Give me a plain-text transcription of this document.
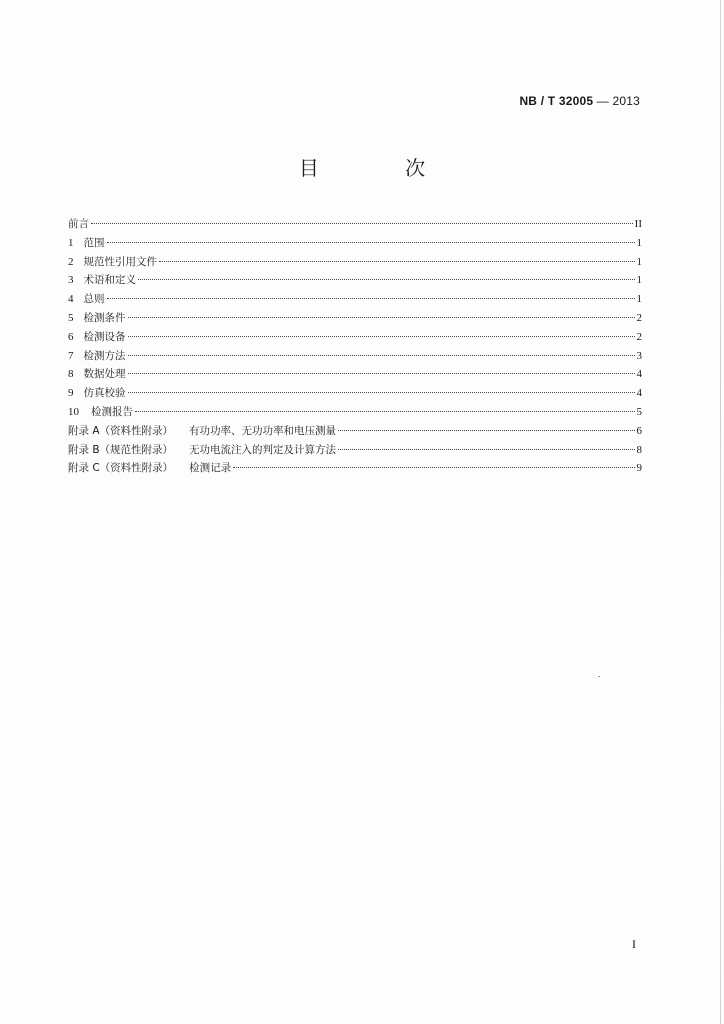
NB / T 32005 — 2013
目 次
前言	II
1 范围	1
2 规范性引用文件	1
3 术语和定义	1
4 总则	1
5 检测条件	2
6 检测设备	2
7 检测方法	3
8 数据处理	4
9 仿真校验	4
10 检测报告	5
附录 A（资料性附录） 有功功率、无功功率和电压测量	6
附录 B（规范性附录） 无功电流注入的判定及计算方法	8
附录 C（资料性附录） 检测记录	9
I
